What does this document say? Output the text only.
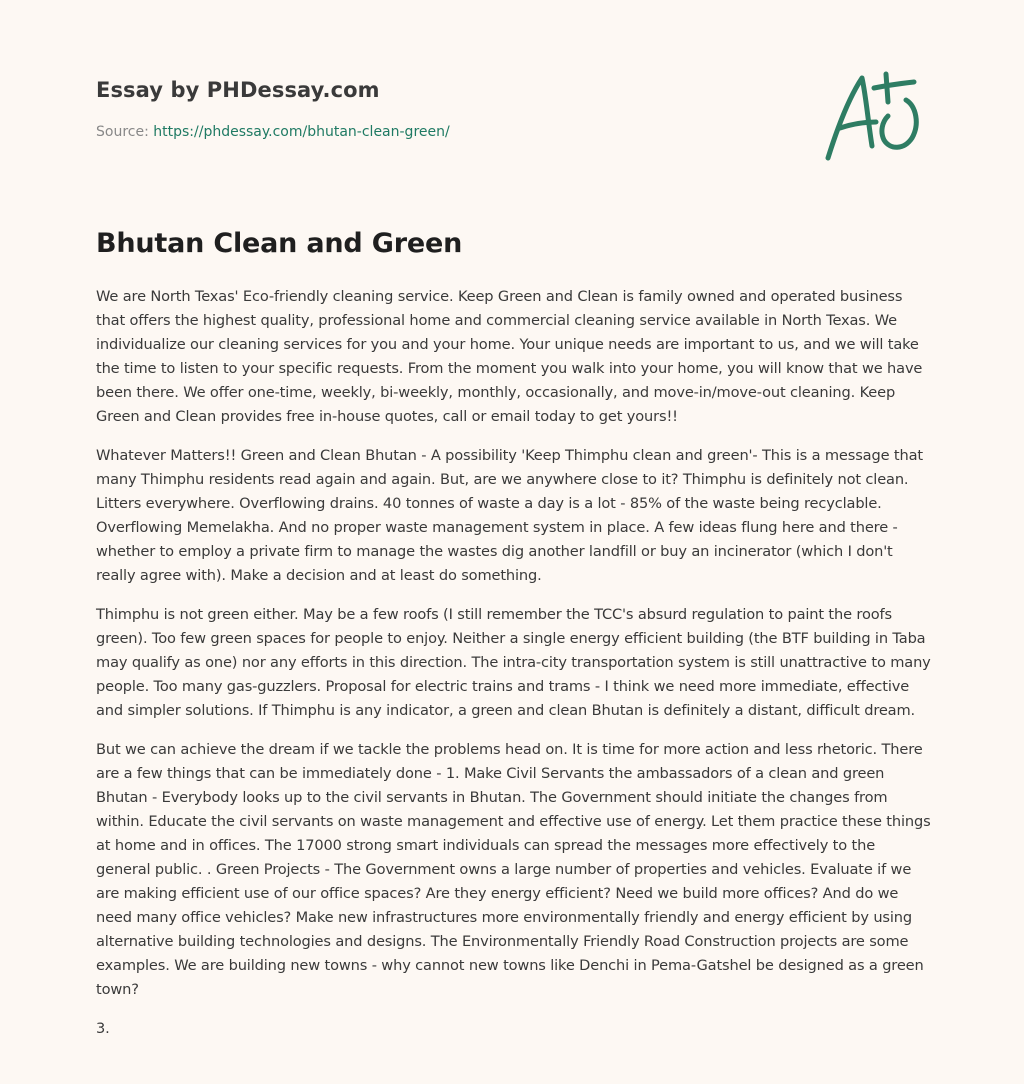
Essay by PHDessay.com
Source: https://phdessay.com/bhutan-clean-green/
Bhutan Clean and Green

We are North Texas' Eco-friendly cleaning service. Keep Green and Clean is family owned and operated business that offers the highest quality, professional home and commercial cleaning service available in North Texas. We individualize our cleaning services for you and your home. Your unique needs are important to us, and we will take the time to listen to your specific requests. From the moment you walk into your home, you will know that we have been there. We offer one-time, weekly, bi-weekly, monthly, occasionally, and move-in/move-out cleaning. Keep Green and Clean provides free in-house quotes, call or email today to get yours!!

Whatever Matters!! Green and Clean Bhutan - A possibility 'Keep Thimphu clean and green'- This is a message that many Thimphu residents read again and again. But, are we anywhere close to it? Thimphu is definitely not clean. Litters everywhere. Overflowing drains. 40 tonnes of waste a day is a lot - 85% of the waste being recyclable. Overflowing Memelakha. And no proper waste management system in place. A few ideas flung here and there - whether to employ a private firm to manage the wastes dig another landfill or buy an incinerator (which I don't really agree with). Make a decision and at least do something.

Thimphu is not green either. May be a few roofs (I still remember the TCC's absurd regulation to paint the roofs green). Too few green spaces for people to enjoy. Neither a single energy efficient building (the BTF building in Taba may qualify as one) nor any efforts in this direction. The intra-city transportation system is still unattractive to many people. Too many gas-guzzlers. Proposal for electric trains and trams - I think we need more immediate, effective and simpler solutions. If Thimphu is any indicator, a green and clean Bhutan is definitely a distant, difficult dream.

But we can achieve the dream if we tackle the problems head on. It is time for more action and less rhetoric. There are a few things that can be immediately done - 1. Make Civil Servants the ambassadors of a clean and green Bhutan - Everybody looks up to the civil servants in Bhutan. The Government should initiate the changes from within. Educate the civil servants on waste management and effective use of energy. Let them practice these things at home and in offices. The 17000 strong smart individuals can spread the messages more effectively to the general public. . Green Projects - The Government owns a large number of properties and vehicles. Evaluate if we are making efficient use of our office spaces? Are they energy efficient? Need we build more offices? And do we need many office vehicles? Make new infrastructures more environmentally friendly and energy efficient by using alternative building technologies and designs. The Environmentally Friendly Road Construction projects are some examples. We are building new towns - why cannot new towns like Denchi in Pema-Gatshel be designed as a green town?

3.
